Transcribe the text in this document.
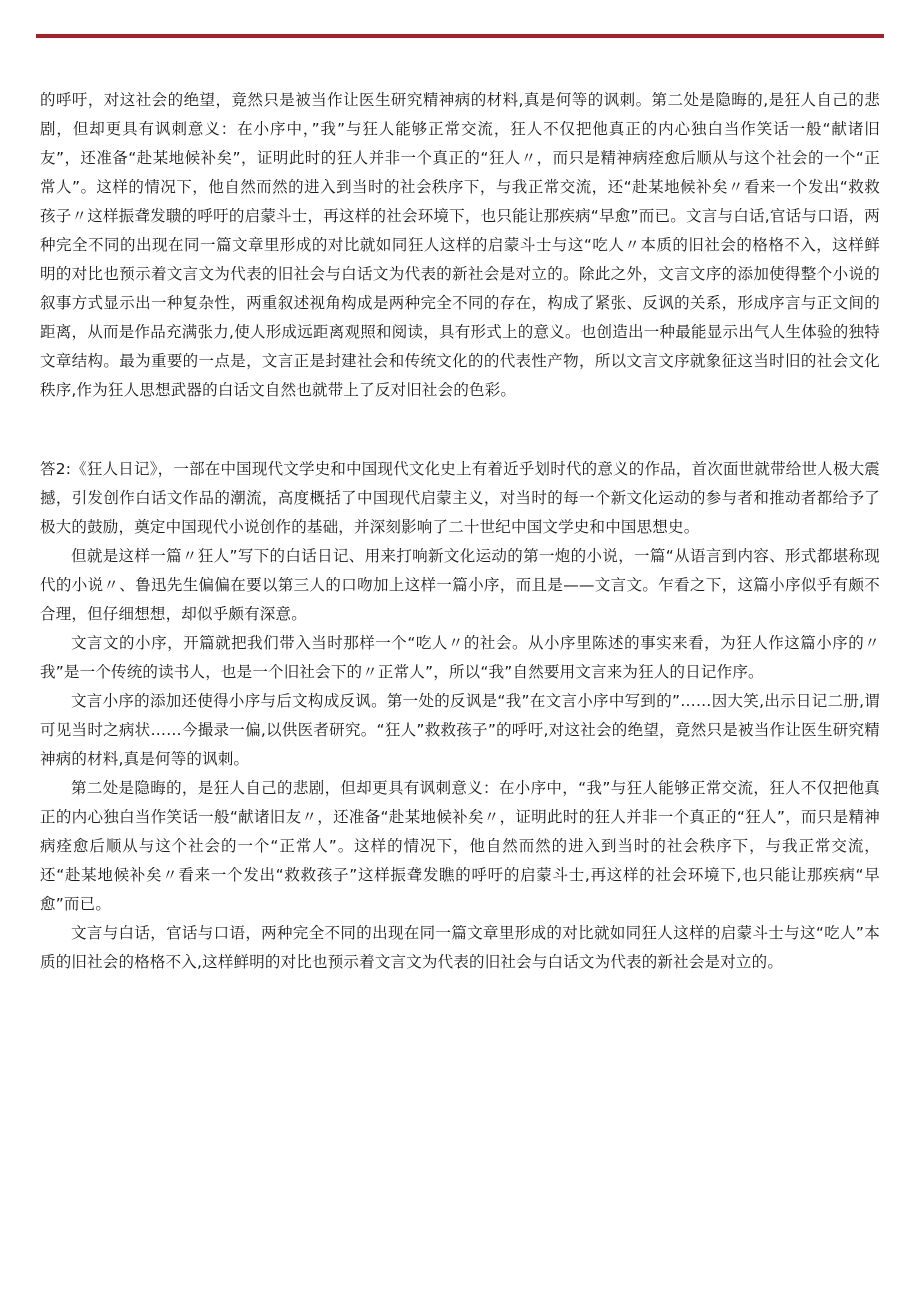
的呼吁，对这社会的绝望，竟然只是被当作让医生研究精神病的材料,真是何等的讽刺。第二处是隐晦的,是狂人自己的悲剧，但却更具有讽刺意义：在小序中，”我”与狂人能够正常交流，狂人不仅把他真正的内心独白当作笑话一般“献诸旧友”，还准备“赴某地候补矣”，证明此时的狂人并非一个真正的“狂人〃，而只是精神病痊愈后顺从与这个社会的一个“正常人”。这样的情况下，他自然而然的进入到当时的社会秩序下，与我正常交流，还“赴某地候补矣〃看来一个发出“救救孩子〃这样振聋发聩的呼吁的启蒙斗士，再这样的社会环境下，也只能让那疾病“早愈”而已。文言与白话,官话与口语，两种完全不同的出现在同一篇文章里形成的对比就如同狂人这样的启蒙斗士与这“吃人〃本质的旧社会的格格不入，这样鲜明的对比也预示着文言文为代表的旧社会与白话文为代表的新社会是对立的。除此之外，文言文序的添加使得整个小说的叙事方式显示出一种复杂性，两重叙述视角构成是两种完全不同的存在，构成了紧张、反讽的关系，形成序言与正文间的距离，从而是作品充满张力,使人形成远距离观照和阅读，具有形式上的意义。也创造出一种最能显示出气人生体验的独特文章结构。最为重要的一点是，文言正是封建社会和传统文化的的代表性产物，所以文言文序就象征这当时旧的社会文化秩序,作为狂人思想武器的白话文自然也就带上了反对旧社会的色彩。

答2:《狂人日记》，一部在中国现代文学史和中国现代文化史上有着近乎划时代的意义的作品，首次面世就带给世人极大震撼，引发创作白话文作品的潮流，高度概括了中国现代启蒙主义，对当时的每一个新文化运动的参与者和推动者都给予了极大的鼓励，奠定中国现代小说创作的基础，并深刻影响了二十世纪中国文学史和中国思想史。

但就是这样一篇〃狂人”写下的白话日记、用来打响新文化运动的第一炮的小说，一篇“从语言到内容、形式都堪称现代的小说〃、鲁迅先生偏偏在要以第三人的口吻加上这样一篇小序，而且是——文言文。乍看之下，这篇小序似乎有颇不合理，但仔细想想，却似乎颇有深意。

文言文的小序，开篇就把我们带入当时那样一个“吃人〃的社会。从小序里陈述的事实来看，为狂人作这篇小序的〃我”是一个传统的读书人，也是一个旧社会下的〃正常人”，所以“我”自然要用文言来为狂人的日记作序。

文言小序的添加还使得小序与后文构成反讽。第一处的反讽是“我”在文言小序中写到的”……因大笑,出示日记二册,谓可见当时之病状……今撮录一偏,以供医者研究。“狂人”救救孩子”的呼吁,对这社会的绝望，竟然只是被当作让医生研究精神病的材料,真是何等的讽刺。

第二处是隐晦的，是狂人自己的悲剧，但却更具有讽刺意义：在小序中，“我”与狂人能够正常交流，狂人不仅把他真正的内心独白当作笑话一般“献诸旧友〃，还准备“赴某地候补矣〃，证明此时的狂人并非一个真正的“狂人”，而只是精神病痊愈后顺从与这个社会的一个“正常人”。这样的情况下，他自然而然的进入到当时的社会秩序下，与我正常交流，还“赴某地候补矣〃看来一个发出“救救孩子”这样振聋发瞧的呼吁的启蒙斗士,再这样的社会环境下,也只能让那疾病“早愈”而已。

文言与白话，官话与口语，两种完全不同的出现在同一篇文章里形成的对比就如同狂人这样的启蒙斗士与这“吃人”本质的旧社会的格格不入,这样鲜明的对比也预示着文言文为代表的旧社会与白话文为代表的新社会是对立的。
